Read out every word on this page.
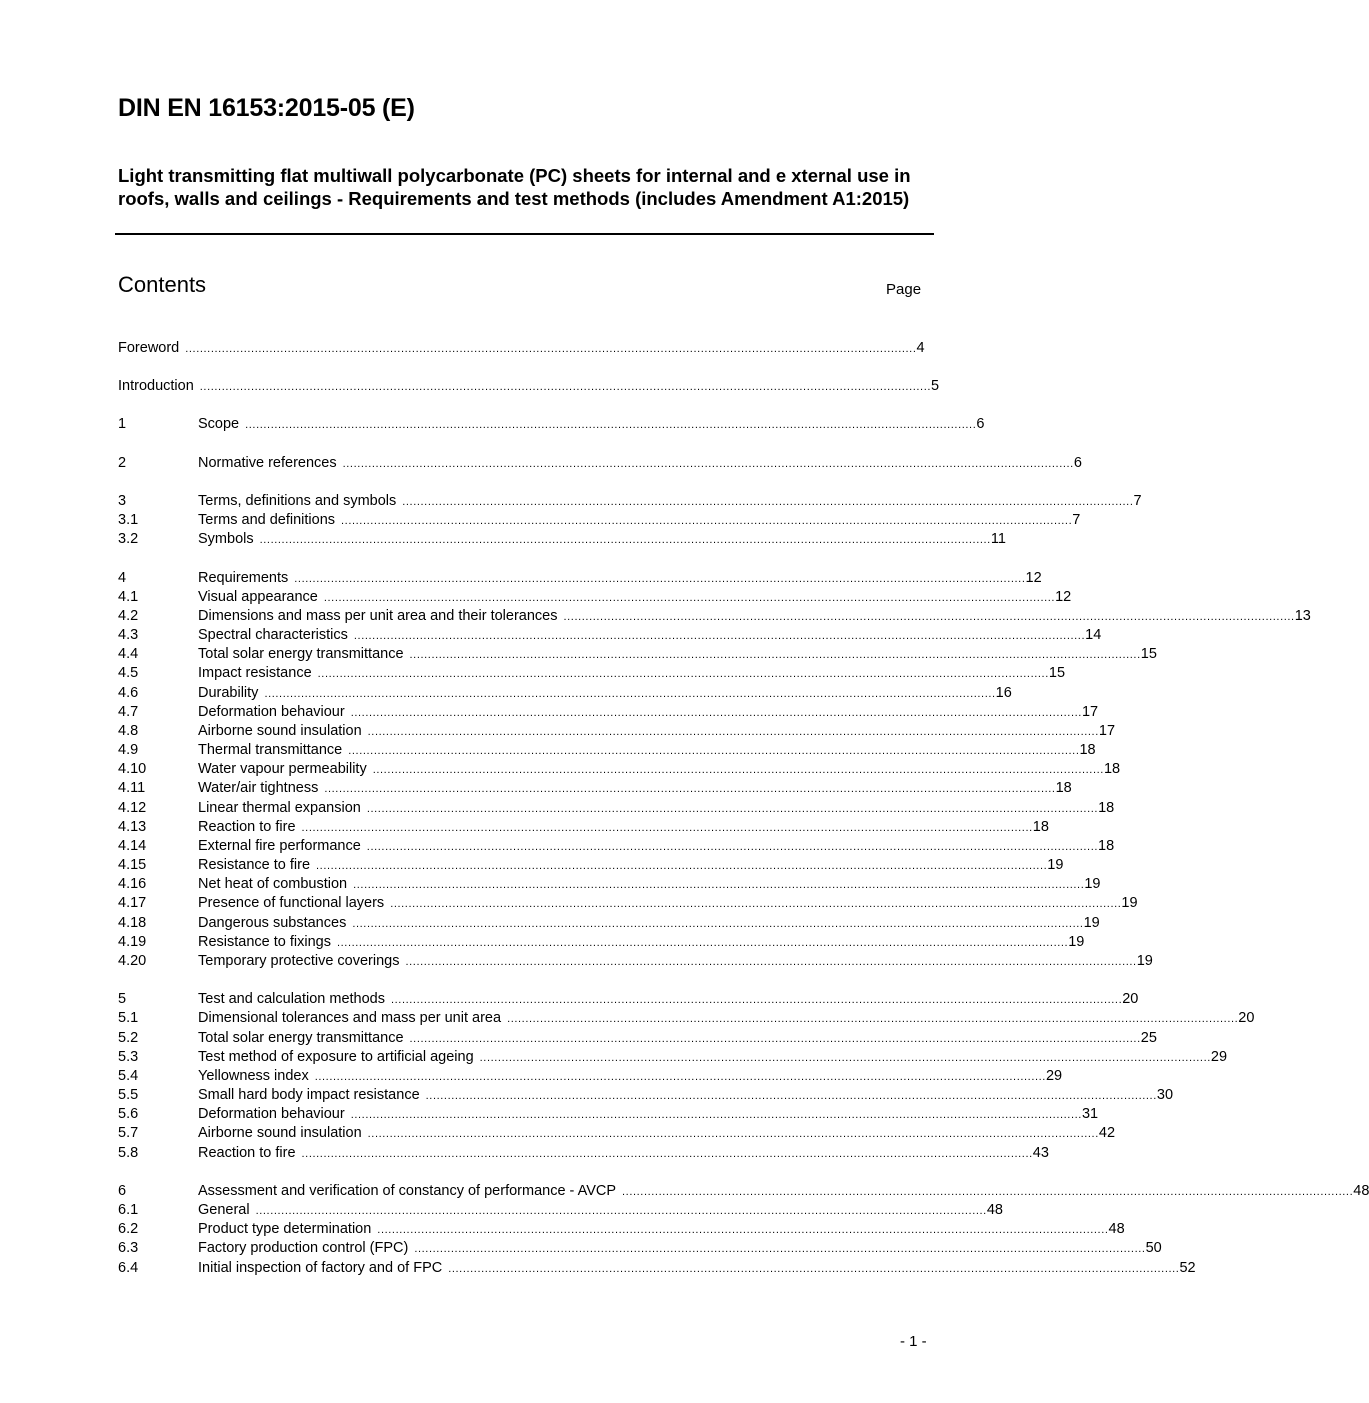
DIN EN 16153:2015-05 (E)
Light transmitting flat multiwall polycarbonate (PC) sheets for internal and e xternal use in roofs, walls and ceilings - Requirements and test methods (includes Amendment A1:2015)
Contents	Page
Foreword ........................................................................................................................................................................................................ 4
Introduction ........................................................................................................................................................................................................ 5
1	Scope ........................................................................................................................................................................................................ 6
2	Normative references ........................................................................................................................................................................................................ 6
3	Terms, definitions and symbols ........................................................................................................................................................................................................ 7
3.1	Terms and definitions ........................................................................................................................................................................................................ 7
3.2	Symbols ........................................................................................................................................................................................................ 11
4	Requirements ........................................................................................................................................................................................................ 12
4.1	Visual appearance ........................................................................................................................................................................................................ 12
4.2	Dimensions and mass per unit area and their tolerances ........................................................................................................................................................................................................ 13
4.3	Spectral characteristics ........................................................................................................................................................................................................ 14
4.4	Total solar energy transmittance ........................................................................................................................................................................................................ 15
4.5	Impact resistance ........................................................................................................................................................................................................ 15
4.6	Durability ........................................................................................................................................................................................................ 16
4.7	Deformation behaviour ........................................................................................................................................................................................................ 17
4.8	Airborne sound insulation ........................................................................................................................................................................................................ 17
4.9	Thermal transmittance ........................................................................................................................................................................................................ 18
4.10	Water vapour permeability ........................................................................................................................................................................................................ 18
4.11	Water/air tightness ........................................................................................................................................................................................................ 18
4.12	Linear thermal expansion ........................................................................................................................................................................................................ 18
4.13	Reaction to fire ........................................................................................................................................................................................................ 18
4.14	External fire performance ........................................................................................................................................................................................................ 18
4.15	Resistance to fire ........................................................................................................................................................................................................ 19
4.16	Net heat of combustion ........................................................................................................................................................................................................ 19
4.17	Presence of functional layers ........................................................................................................................................................................................................ 19
4.18	Dangerous substances ........................................................................................................................................................................................................ 19
4.19	Resistance to fixings ........................................................................................................................................................................................................ 19
4.20	Temporary protective coverings ........................................................................................................................................................................................................ 19
5	Test and calculation methods ........................................................................................................................................................................................................ 20
5.1	Dimensional tolerances and mass per unit area ........................................................................................................................................................................................................ 20
5.2	Total solar energy transmittance ........................................................................................................................................................................................................ 25
5.3	Test method of exposure to artificial ageing ........................................................................................................................................................................................................ 29
5.4	Yellowness index ........................................................................................................................................................................................................ 29
5.5	Small hard body impact resistance ........................................................................................................................................................................................................ 30
5.6	Deformation behaviour ........................................................................................................................................................................................................ 31
5.7	Airborne sound insulation ........................................................................................................................................................................................................ 42
5.8	Reaction to fire ........................................................................................................................................................................................................ 43
6	Assessment and verification of constancy of performance - AVCP ........................................................................................................................................................................................................ 48
6.1	General ........................................................................................................................................................................................................ 48
6.2	Product type determination ........................................................................................................................................................................................................ 48
6.3	Factory production control (FPC) ........................................................................................................................................................................................................ 50
6.4	Initial inspection of factory and of FPC ........................................................................................................................................................................................................ 52
- 1 -
